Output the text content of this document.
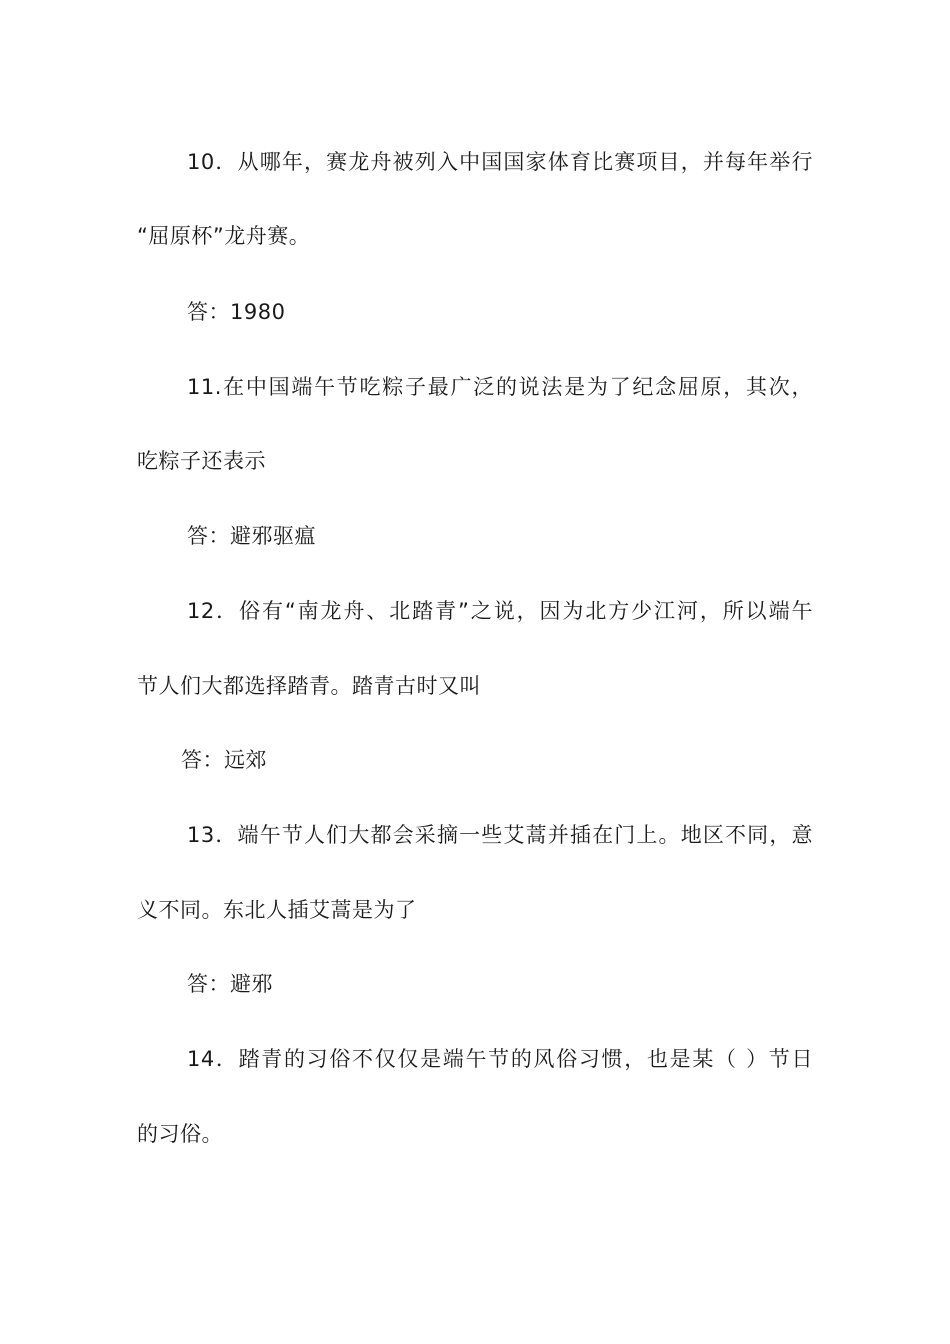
10．从哪年，赛龙舟被列入中国国家体育比赛项目，并每年举行
“屈原杯”龙舟赛。
答：1980
11.在中国端午节吃粽子最广泛的说法是为了纪念屈原，其次，
吃粽子还表示
答：避邪驱瘟
12．俗有“南龙舟、北踏青”之说，因为北方少江河，所以端午
节人们大都选择踏青。踏青古时又叫
答：远郊
13．端午节人们大都会采摘一些艾蒿并插在门上。地区不同，意
义不同。东北人插艾蒿是为了
答：避邪
14．踏青的习俗不仅仅是端午节的风俗习惯，也是某（ ）节日
的习俗。
